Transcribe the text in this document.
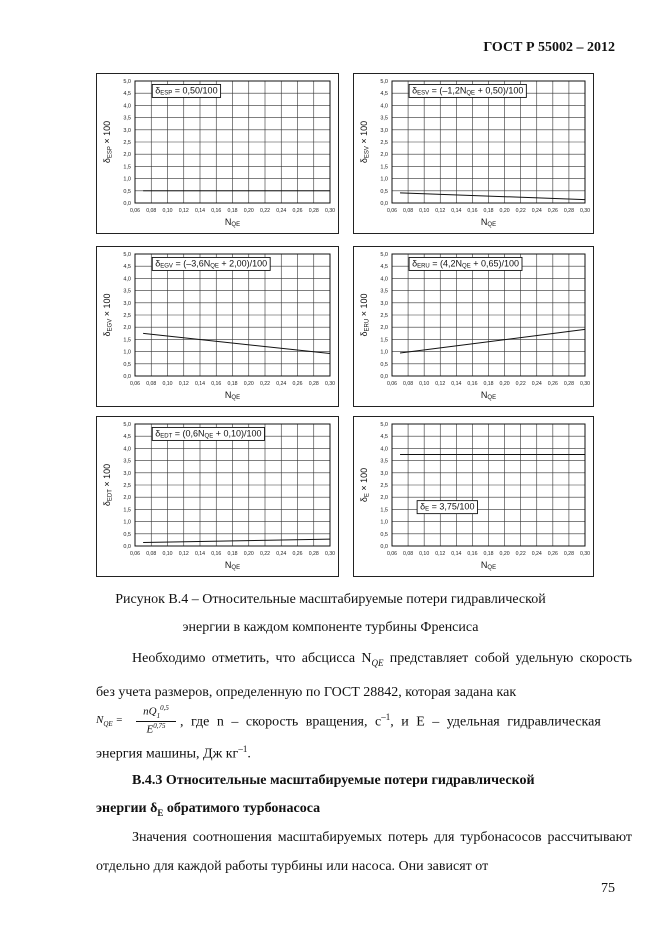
ГОСТ Р 55002 – 2012
0,0
0,5
1,0
1,5
2,0
2,5
3,0
3,5
4,0
4,5
5,0
0,06 0,08 0,10 0,12 0,14 0,16 0,18 0,20 0,22 0,24 0,26 0,28 0,30
NQE
δESP × 100
δESP = 0,50/100
0,0
0,5
1,0
1,5
2,0
2,5
3,0
3,5
4,0
4,5
5,0
0,06 0,08 0,10 0,12 0,14 0,16 0,18 0,20 0,22 0,24 0,26 0,28 0,30
NQE
δESV × 100
δESV = (–1,2NQE + 0,50)/100
0,0
0,5
1,0
1,5
2,0
2,5
3,0
3,5
4,0
4,5
5,0
0,06 0,08 0,10 0,12 0,14 0,16 0,18 0,20 0,22 0,24 0,26 0,28 0,30
NQE
δEGV × 100
δEGV = (–3,6NQE + 2,00)/100
0,0
0,5
1,0
1,5
2,0
2,5
3,0
3,5
4,0
4,5
5,0
0,06 0,08 0,10 0,12 0,14 0,16 0,18 0,20 0,22 0,24 0,26 0,28 0,30
NQE
δERU × 100
δERU = (4,2NQE + 0,65)/100
0,0
0,5
1,0
1,5
2,0
2,5
3,0
3,5
4,0
4,5
5,0
0,06 0,08 0,10 0,12 0,14 0,16 0,18 0,20 0,22 0,24 0,26 0,28 0,30
NQE
δEDT × 100
δEDT = (0,6NQE + 0,10)/100
0,0
0,5
1,0
1,5
2,0
2,5
3,0
3,5
4,0
4,5
5,0
0,06 0,08 0,10 0,12 0,14 0,16 0,18 0,20 0,22 0,24 0,26 0,28 0,30
NQE
δE × 100
δE = 3,75/100
Рисунок В.4 – Относительные масштабируемые потери гидравлической
энергии в каждом компоненте турбины Френсиса
Необходимо отметить, что абсцисса $N_{QE}$ представляет собой удельную скорость без учета размеров, определенную по ГОСТ 28842, которая задана как
$N_{QE}$ =
$nQ_1^{0,5}$
E$^{0,75}$	, где n – скорость вращения, $с^{-1}$, и E – удельная гидравлическая
энергия машины, Дж $кг^{-1}$.
В.4.3 Относительные масштабируемые потери гидравлической
энергии $\delta_E$ обратимого турбонасоса
Значения соотношения масштабируемых потерь для турбонасосов рассчитывают отдельно для каждой работы турбины или насоса. Они зависят от
75
